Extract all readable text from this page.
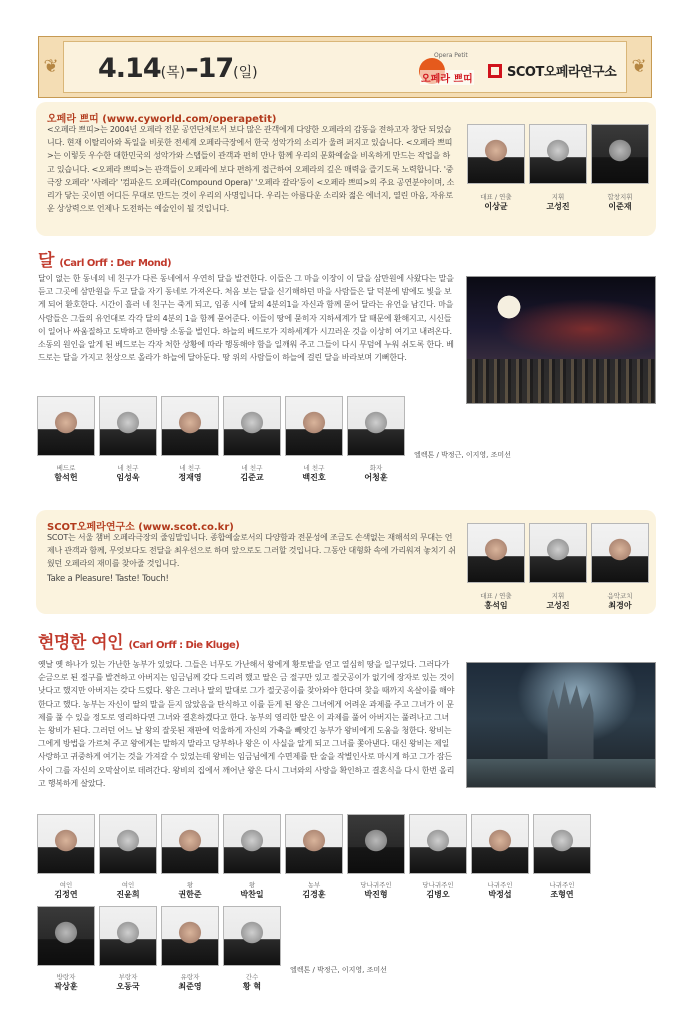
❦	❦
4.14(목)–17(일)
Opera Petit
오페라 쁘띠	SCOT오페라연구소
오페라 쁘띠 (www.cyworld.com/operapetit)
<오페라 쁘띠>는 2004년 오페라 전문 공연단체로서 보다 많은 관객에게 다양한 오페라의 감동을 전하고자 창단 되었습니다. 현재 이탈리아와 독일을 비롯한 전세계 오페라극장에서 한국 성악가의 소리가 울려 퍼지고 있습니다. <오페라 쁘띠>는 이렇듯 우수한 대한민국의 성악가와 스탭들이 관객과 편히 만나 함께 우리의 문화예술을 비옥하게 만드는 작업을 하고 있습니다. <오페라 쁘띠>는 관객들이 오페라에 보다 편하게 접근하여 오페라의 깊은 매력을 즐기도록 노력합니다. '중극장 오페라' '사례라' '컴파운드 오페라(Compound Opera)' '오페라 갈라'등이 <오페라 쁘띠>의 주요 공연분야이며, 소리가 닿는 곳이면 어디든 무대로 만드는 것이 우리의 사명입니다. 우리는 아름다운 소리와 젊은 에너지, 열린 마음, 자유로운 상상력으로 언제나 도전하는 예술인이 될 것입니다.
대표 / 연출	지휘	합창지휘
이상균	고성진	이준재
달 (Carl Orff : Der Mond)
달이 없는 한 동네의 네 친구가 다른 동네에서 우연히 달을 발견한다. 이들은 그 마을 이장이 이 달을 삼만원에 사왔다는 말을 듣고 그곳에 삼만원을 두고 달을 자기 동네로 가져온다. 처음 보는 달을 신기해하던 마을 사람들은 달 덕분에 밤에도 빛을 보게 되어 환호한다. 시간이 흘러 네 친구는 죽게 되고, 임종 시에 달의 4분의1을 자신과 함께 묻어 달라는 유언을 남긴다. 마을 사람들은 그들의 유언대로 각각 달의 4분의 1을 함께 묻어준다. 이들이 땅에 묻히자 지하세계가 달 때문에 환해지고, 시신들이 일어나 싸움질하고 도박하고 한바탕 소동을 벌인다. 하늘의 베드로가 지하세계가 시끄러운 것을 이상히 여기고 내려온다. 소동의 원인을 알게 된 베드로는 각자 처한 상황에 따라 행동해야 함을 일깨워 주고 그들이 다시 무덤에 누워 쉬도록 한다. 베드로는 달을 가지고 천상으로 올라가 하늘에 달아둔다. 땅 위의 사람들이 하늘에 걸린 달을 바라보며 기뻐한다.
베드로	네 친구	네 친구	네 친구	네 친구	화자
함석헌	임성욱	정재영	김준교	백진호	어청훈
엘렉톤 / 박정근, 이지영, 조미선
SCOT오페라연구소 (www.scot.co.kr)
SCOT는 서울 챔버 오페라극장의 줄임말입니다. 종합예술로서의 다양함과 전문성에 조금도 손색없는 재해석의 무대는 언제나 관객과 함께, 무엇보다도 전달을 최우선으로 하며 앞으로도 그러할 것입니다. 그동안 대형화 속에 가리워져 놓치기 쉬웠던 오페라의 재미를 찾아줄 것입니다.
Take a Pleasure! Taste! Touch!
대표 / 연출	지휘	음악코치
홍석임	고성진	최경아
현명한 여인 (Carl Orff : Die Kluge)
옛날 옛 하나가 있는 가난한 농부가 있었다. 그들은 너무도 가난해서 왕에게 황토밭을 얻고 열심히 땅을 일구었다. 그러다가 순금으로 된 절구를 발견하고 아버지는 임금님께 갖다 드리려 했고 딸은 금 절구만 있고 절굿공이가 없기에 장자로 있는 것이 낫다고 했지만 아버지는 갖다 드렸다. 왕은 그러나 딸의 말대로 그가 절굿공이를 찾아와야 한다며 찾을 때까지 옥살이를 해야 한다고 했다. 농부는 자신이 딸의 말을 듣지 않았음을 탄식하고 이를 듣게 된 왕은 그녀에게 어려운 과제를 주고 그녀가 이 문제를 풀 수 있을 정도로 영리하다면 그녀와 결혼하겠다고 한다. 농부의 영리한 딸은 이 과제를 풀어 아버지는 풀려나고 그녀는 왕비가 된다. 그러던 어느 날 왕의 잘못된 재판에 억울하게 자신의 가축을 빼앗긴 농부가 왕비에게 도움을 청한다. 왕비는 그에게 방법을 가르쳐 주고 왕에게는 말하지 말라고 당부하나 왕은 이 사실을 알게 되고 그녀를 쫓아낸다. 대신 왕비는 제일 사랑하고 귀중하게 여기는 것을 가져갈 수 있었는데 왕비는 임금님에게 수면제를 탄 술을 작별인사로 마시게 하고 그가 잠든 사이 그를 자신의 오막살이로 데려간다. 왕비의 집에서 깨어난 왕은 다시 그녀와의 사랑을 확인하고 결혼식을 다시 한번 올리고 행복하게 살았다.
여인	여인	왕	왕	농부	당나귀주인	당나귀주인	나귀주인	나귀주인
김정연	진윤희	권한준	박찬일	김경훈	박진형	김병오	박정섭	조형연
방랑자	부랑자	유랑자	간수
곽상훈	오동국	최준영	황 혁
엘렉톤 / 박정근, 이지영, 조미선
